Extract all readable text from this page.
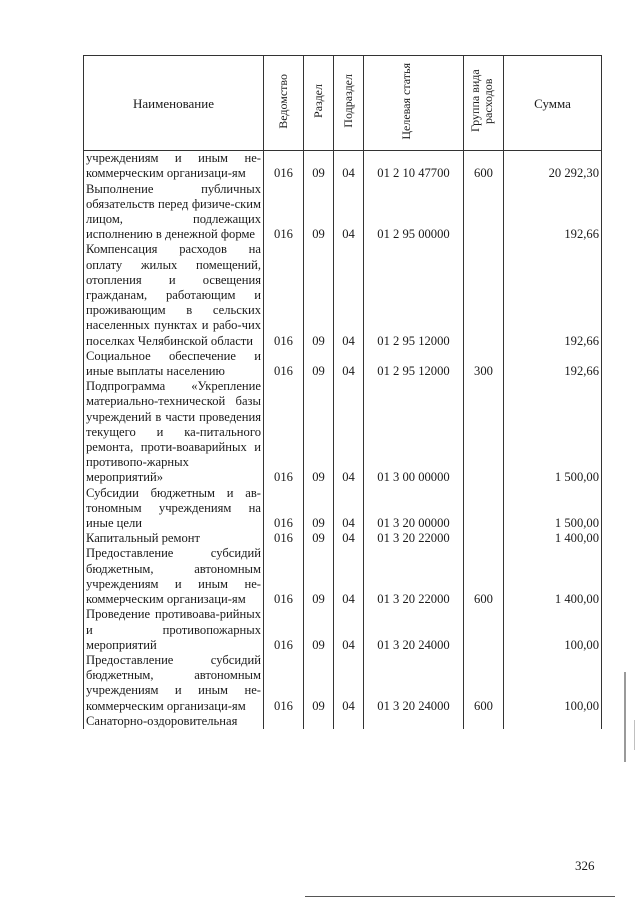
Наименование	Ведомство	Раздел	Подраздел	Целевая статья	Группа вида расходов	Сумма
учреждениям и иным не-коммерческим организаци-ям	016	09	04	01 2 10 47700	600	20 292,30
Выполнение публичных обязательств перед физиче-ским лицом, подлежащих исполнению в денежной форме	016	09	04	01 2 95 00000		192,66
Компенсация расходов на оплату жилых помещений, отопления и освещения гражданам, работающим и проживающим в сельских населенных пунктах и рабо-чих поселках Челябинской области	016	09	04	01 2 95 12000		192,66
Социальное обеспечение и иные выплаты населению	016	09	04	01 2 95 12000	300	192,66
Подпрограмма «Укрепление материально-технической базы учреждений в части проведения текущего и ка-питального ремонта, проти-воаварийных и противопо-жарных мероприятий»	016	09	04	01 3 00 00000		1 500,00
Субсидии бюджетным и ав-тономным учреждениям на иные цели	016	09	04	01 3 20 00000		1 500,00
Капитальный ремонт	016	09	04	01 3 20 22000		1 400,00
Предоставление субсидий бюджетным, автономным учреждениям и иным не-коммерческим организаци-ям	016	09	04	01 3 20 22000	600	1 400,00
Проведение противоава-рийных и противопожарных мероприятий	016	09	04	01 3 20 24000		100,00
Предоставление субсидий бюджетным, автономным учреждениям и иным не-коммерческим организаци-ям	016	09	04	01 3 20 24000	600	100,00
Санаторно-оздоровительная						
326
